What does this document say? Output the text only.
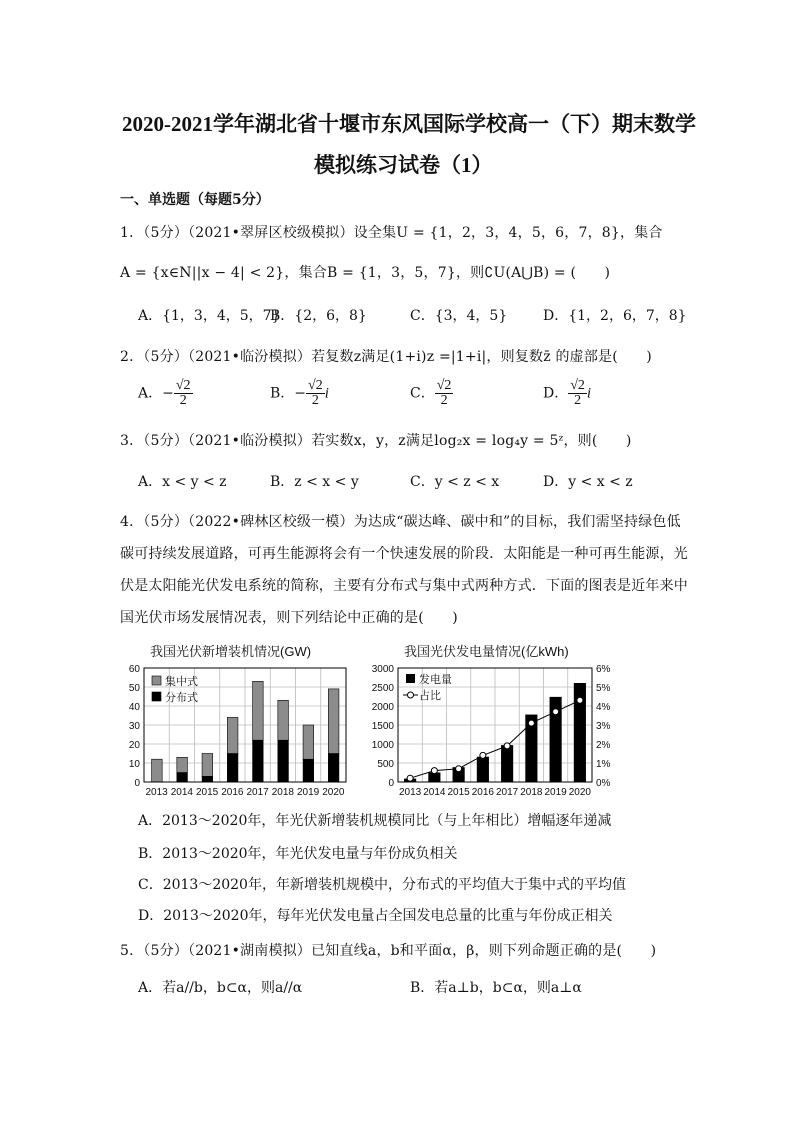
2020-2021学年湖北省十堰市东风国际学校高一（下）期末数学
模拟练习试卷（1）
一、单选题（每题5分）
1．（5分）（2021•翠屏区校级模拟）设全集U = {1，2，3，4，5，6，7，8}，集合
A = {x∈N||x − 4| < 2}，集合B = {1，3，5，7}，则∁U(A⋃B) = (　　)
A．{1，3，4，5，7}
B．{2，6，8}	C．{3，4，5}	D．{1，2，6，7，8}
2．（5分）（2021•临汾模拟）若复数z满足(1+i)z =|1+i|，则复数z̄ 的虚部是(　　)
A．− $\frac{√2}{2}$	B．− $\frac{√2}{2}$ i	C． $\frac{√2}{2}$	D． $\frac{√2}{2}$ i
3．（5分）（2021•临汾模拟）若实数x，y，z满足log₂x = log₄y = 5ᶻ，则(　　)
A．x < y < z	B．z < x < y	C．y < z < x	D．y < x < z
4．（5分）（2022•碑林区校级一模）为达成“碳达峰、碳中和”的目标，我们需坚持绿色低
碳可持续发展道路，可再生能源将会有一个快速发展的阶段．太阳能是一种可再生能源，光
伏是太阳能光伏发电系统的简称，主要有分布式与集中式两种方式．下面的图表是近年来中
国光伏市场发展情况表，则下列结论中正确的是(　　)
我国光伏新增装机情况(GW)
0
10
20
30
40
50
60
2013 2014 2015 2016 2017 2018 2019 2020
集中式
分布式
我国光伏发电量情况(亿kWh)
0
500
1000
1500
2000
2500
3000
0%
1%
2%
3%
4%
5%
6%
2013 2014 2015 2016 2017 2018 2019 2020
发电量
占比
A．2013～2020年，年光伏新增装机规模同比（与上年相比）增幅逐年递减
B．2013～2020年，年光伏发电量与年份成负相关
C．2013～2020年，年新增装机规模中，分布式的平均值大于集中式的平均值
D．2013～2020年，每年光伏发电量占全国发电总量的比重与年份成正相关
5．（5分）（2021•湖南模拟）已知直线a，b和平面α，β，则下列命题正确的是(　　)
A．若a//b，b⊂α，则a//α	B．若a⊥b，b⊂α，则a⊥α
